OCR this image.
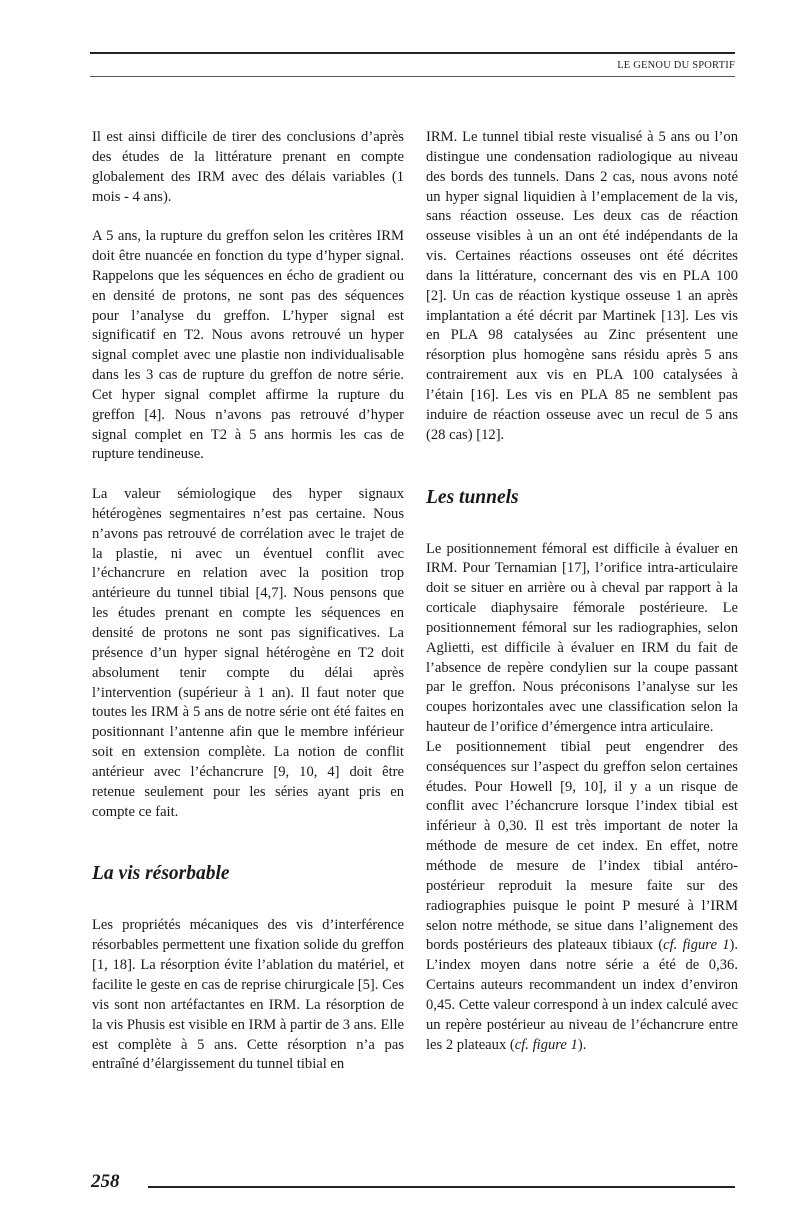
LE GENOU DU SPORTIF

Il est ainsi difficile de tirer des conclusions d’après des études de la littérature prenant en compte globalement des IRM avec des délais variables (1 mois - 4 ans).

A 5 ans, la rupture du greffon selon les critères IRM doit être nuancée en fonction du type d’hyper signal. Rappelons que les séquences en écho de gradient ou en densité de protons, ne sont pas des séquences pour l’analyse du greffon. L’hyper signal est significatif en T2. Nous avons retrouvé un hyper signal complet avec une plastie non individualisable dans les 3 cas de rupture du greffon de notre série. Cet hyper signal complet affirme la rupture du greffon [4]. Nous n’avons pas retrouvé d’hyper signal complet en T2 à 5 ans hormis les cas de rupture tendineuse.

La valeur sémiologique des hyper signaux hétérogènes segmentaires n’est pas certaine. Nous n’avons pas retrouvé de corrélation avec le trajet de la plastie, ni avec un éventuel conflit avec l’échancrure en relation avec la position trop antérieure du tunnel tibial [4,7]. Nous pensons que les études prenant en compte les séquences en densité de protons ne sont pas significatives. La présence d’un hyper signal hétérogène en T2 doit absolument tenir compte du délai après l’intervention (supérieur à 1 an). Il faut noter que toutes les IRM à 5 ans de notre série ont été faites en positionnant l’antenne afin que le membre inférieur soit en extension complète. La notion de conflit antérieur avec l’échancrure [9, 10, 4] doit être retenue seulement pour les séries ayant pris en compte ce fait.

La vis résorbable

Les propriétés mécaniques des vis d’interférence résorbables permettent une fixation solide du greffon [1, 18]. La résorption évite l’ablation du matériel, et facilite le geste en cas de reprise chirurgicale [5]. Ces vis sont non artéfactantes en IRM. La résorption de la vis Phusis est visible en IRM à partir de 3 ans. Elle est complète à 5 ans. Cette résorption n’a pas entraîné d’élargissement du tunnel tibial en

IRM. Le tunnel tibial reste visualisé à 5 ans ou l’on distingue une condensation radiologique au niveau des bords des tunnels. Dans 2 cas, nous avons noté un hyper signal liquidien à l’emplacement de la vis, sans réaction osseuse. Les deux cas de réaction osseuse visibles à un an ont été indépendants de la vis. Certaines réactions osseuses ont été décrites dans la littérature, concernant des vis en PLA 100 [2]. Un cas de réaction kystique osseuse 1 an après implantation a été décrit par Martinek [13]. Les vis en PLA 98 catalysées au Zinc présentent une résorption plus homogène sans résidu après 5 ans contrairement aux vis en PLA 100 catalysées à l’étain [16]. Les vis en PLA 85 ne semblent pas induire de réaction osseuse avec un recul de 5 ans (28 cas) [12].

Les tunnels

Le positionnement fémoral est difficile à évaluer en IRM. Pour Ternamian [17], l’orifice intra-articulaire doit se situer en arrière ou à cheval par rapport à la corticale diaphysaire fémorale postérieure. Le positionnement fémoral sur les radiographies, selon Aglietti, est difficile à évaluer en IRM du fait de l’absence de repère condylien sur la coupe passant par le greffon. Nous préconisons l’analyse sur les coupes horizontales avec une classification selon la hauteur de l’orifice d’émergence intra articulaire.

Le positionnement tibial peut engendrer des conséquences sur l’aspect du greffon selon certaines études. Pour Howell [9, 10], il y a un risque de conflit avec l’échancrure lorsque l’index tibial est inférieur à 0,30. Il est très important de noter la méthode de mesure de cet index. En effet, notre méthode de mesure de l’index tibial antéro-postérieur reproduit la mesure faite sur des radiographies puisque le point P mesuré à l’IRM selon notre méthode, se situe dans l’alignement des bords postérieurs des plateaux tibiaux (cf. figure 1). L’index moyen dans notre série a été de 0,36. Certains auteurs recommandent un index d’environ 0,45. Cette valeur correspond à un index calculé avec un repère postérieur au niveau de l’échancrure entre les 2 plateaux (cf. figure 1).

258
